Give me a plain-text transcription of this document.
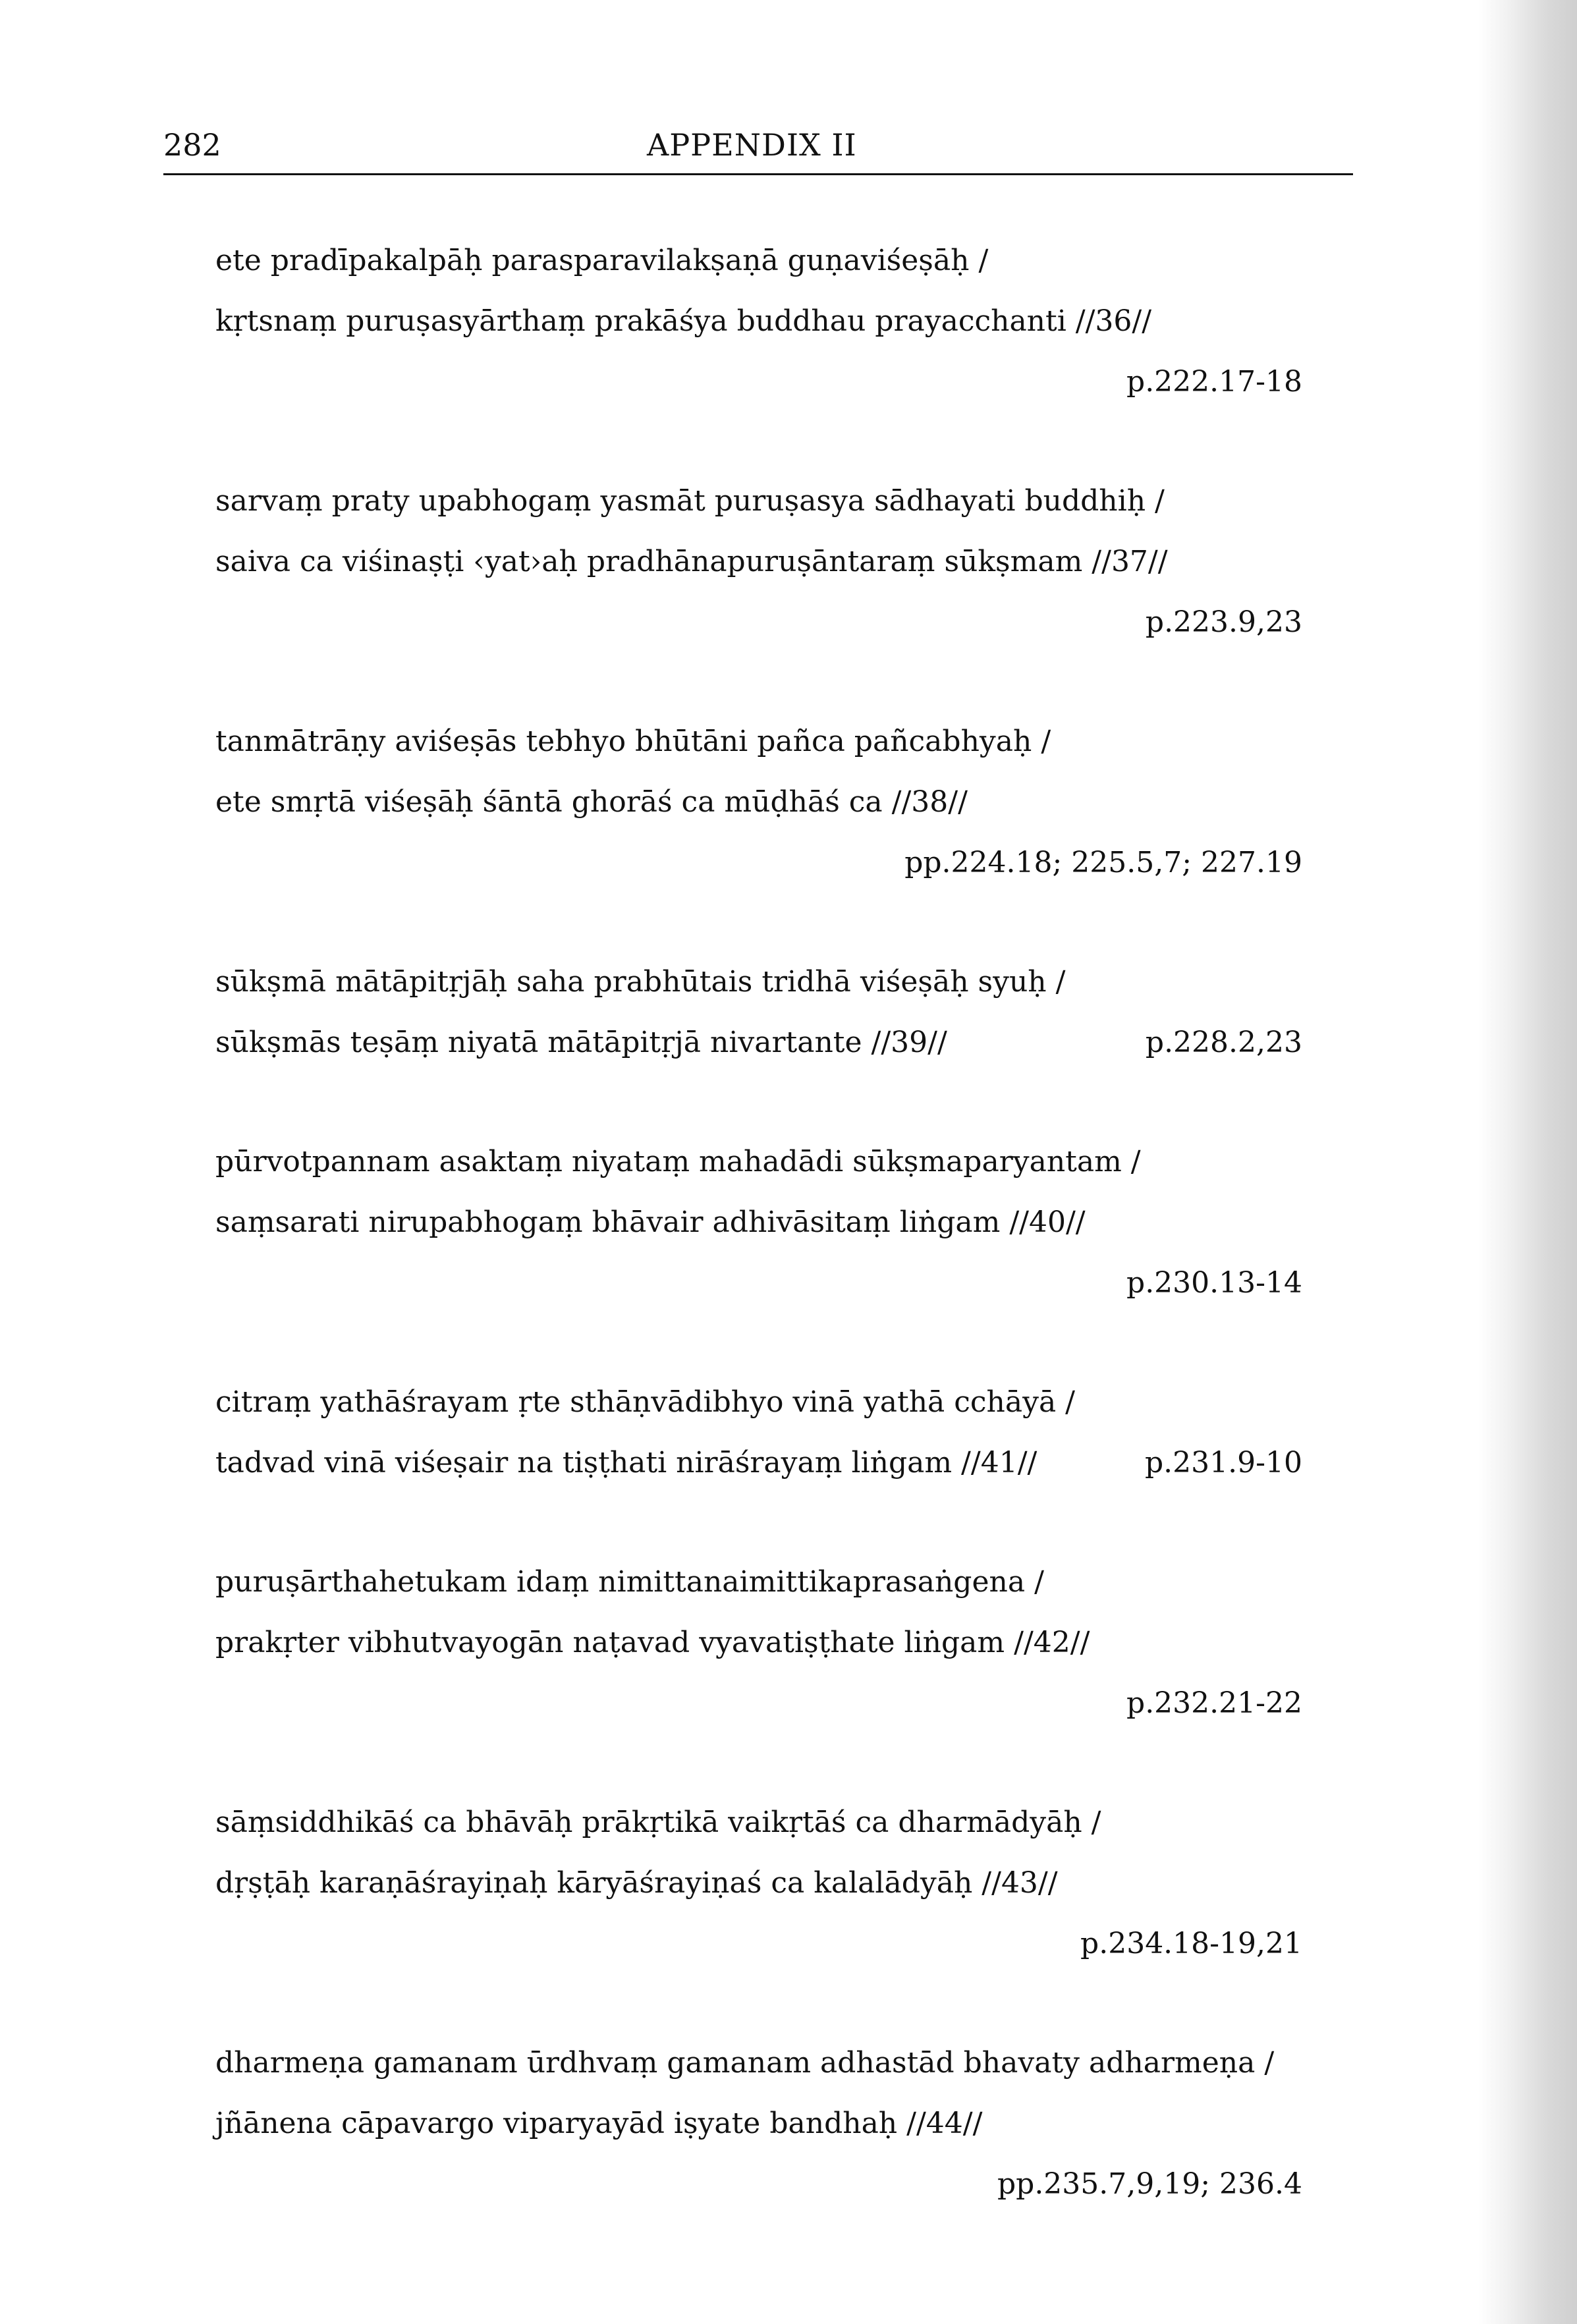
282	APPENDIX II
ete pradīpakalpāḥ parasparavilakṣaṇā guṇaviśeṣāḥ /
kṛtsnaṃ puruṣasyārthaṃ prakāśya buddhau prayacchanti //36//
p.222.17-18
sarvaṃ praty upabhogaṃ yasmāt puruṣasya sādhayati buddhiḥ /
saiva ca viśinaṣṭi ‹yat›aḥ pradhānapuruṣāntaraṃ sūkṣmam //37//
p.223.9,23
tanmātrāṇy aviśeṣās tebhyo bhūtāni pañca pañcabhyaḥ /
ete smṛtā viśeṣāḥ śāntā ghorāś ca mūḍhāś ca //38//
pp.224.18; 225.5,7; 227.19
sūkṣmā mātāpitṛjāḥ saha prabhūtais tridhā viśeṣāḥ syuḥ /
sūkṣmās teṣāṃ niyatā mātāpitṛjā nivartante //39//	p.228.2,23
pūrvotpannam asaktaṃ niyataṃ mahadādi sūkṣmaparyantam /
saṃsarati nirupabhogaṃ bhāvair adhivāsitaṃ liṅgam //40//
p.230.13-14
citraṃ yathāśrayam ṛte sthāṇvādibhyo vinā yathā cchāyā /
tadvad vinā viśeṣair na tiṣṭhati nirāśrayaṃ liṅgam //41//	p.231.9-10
puruṣārthahetukam idaṃ nimittanaimittikaprasaṅgena /
prakṛter vibhutvayogān naṭavad vyavatiṣṭhate liṅgam //42//
p.232.21-22
sāṃsiddhikāś ca bhāvāḥ prākṛtikā vaikṛtāś ca dharmādyāḥ /
dṛṣṭāḥ karaṇāśrayiṇaḥ kāryāśrayiṇaś ca kalalādyāḥ //43//
p.234.18-19,21
dharmeṇa gamanam ūrdhvaṃ gamanam adhastād bhavaty adharmeṇa /
jñānena cāpavargo viparyayād iṣyate bandhaḥ //44//
pp.235.7,9,19; 236.4
